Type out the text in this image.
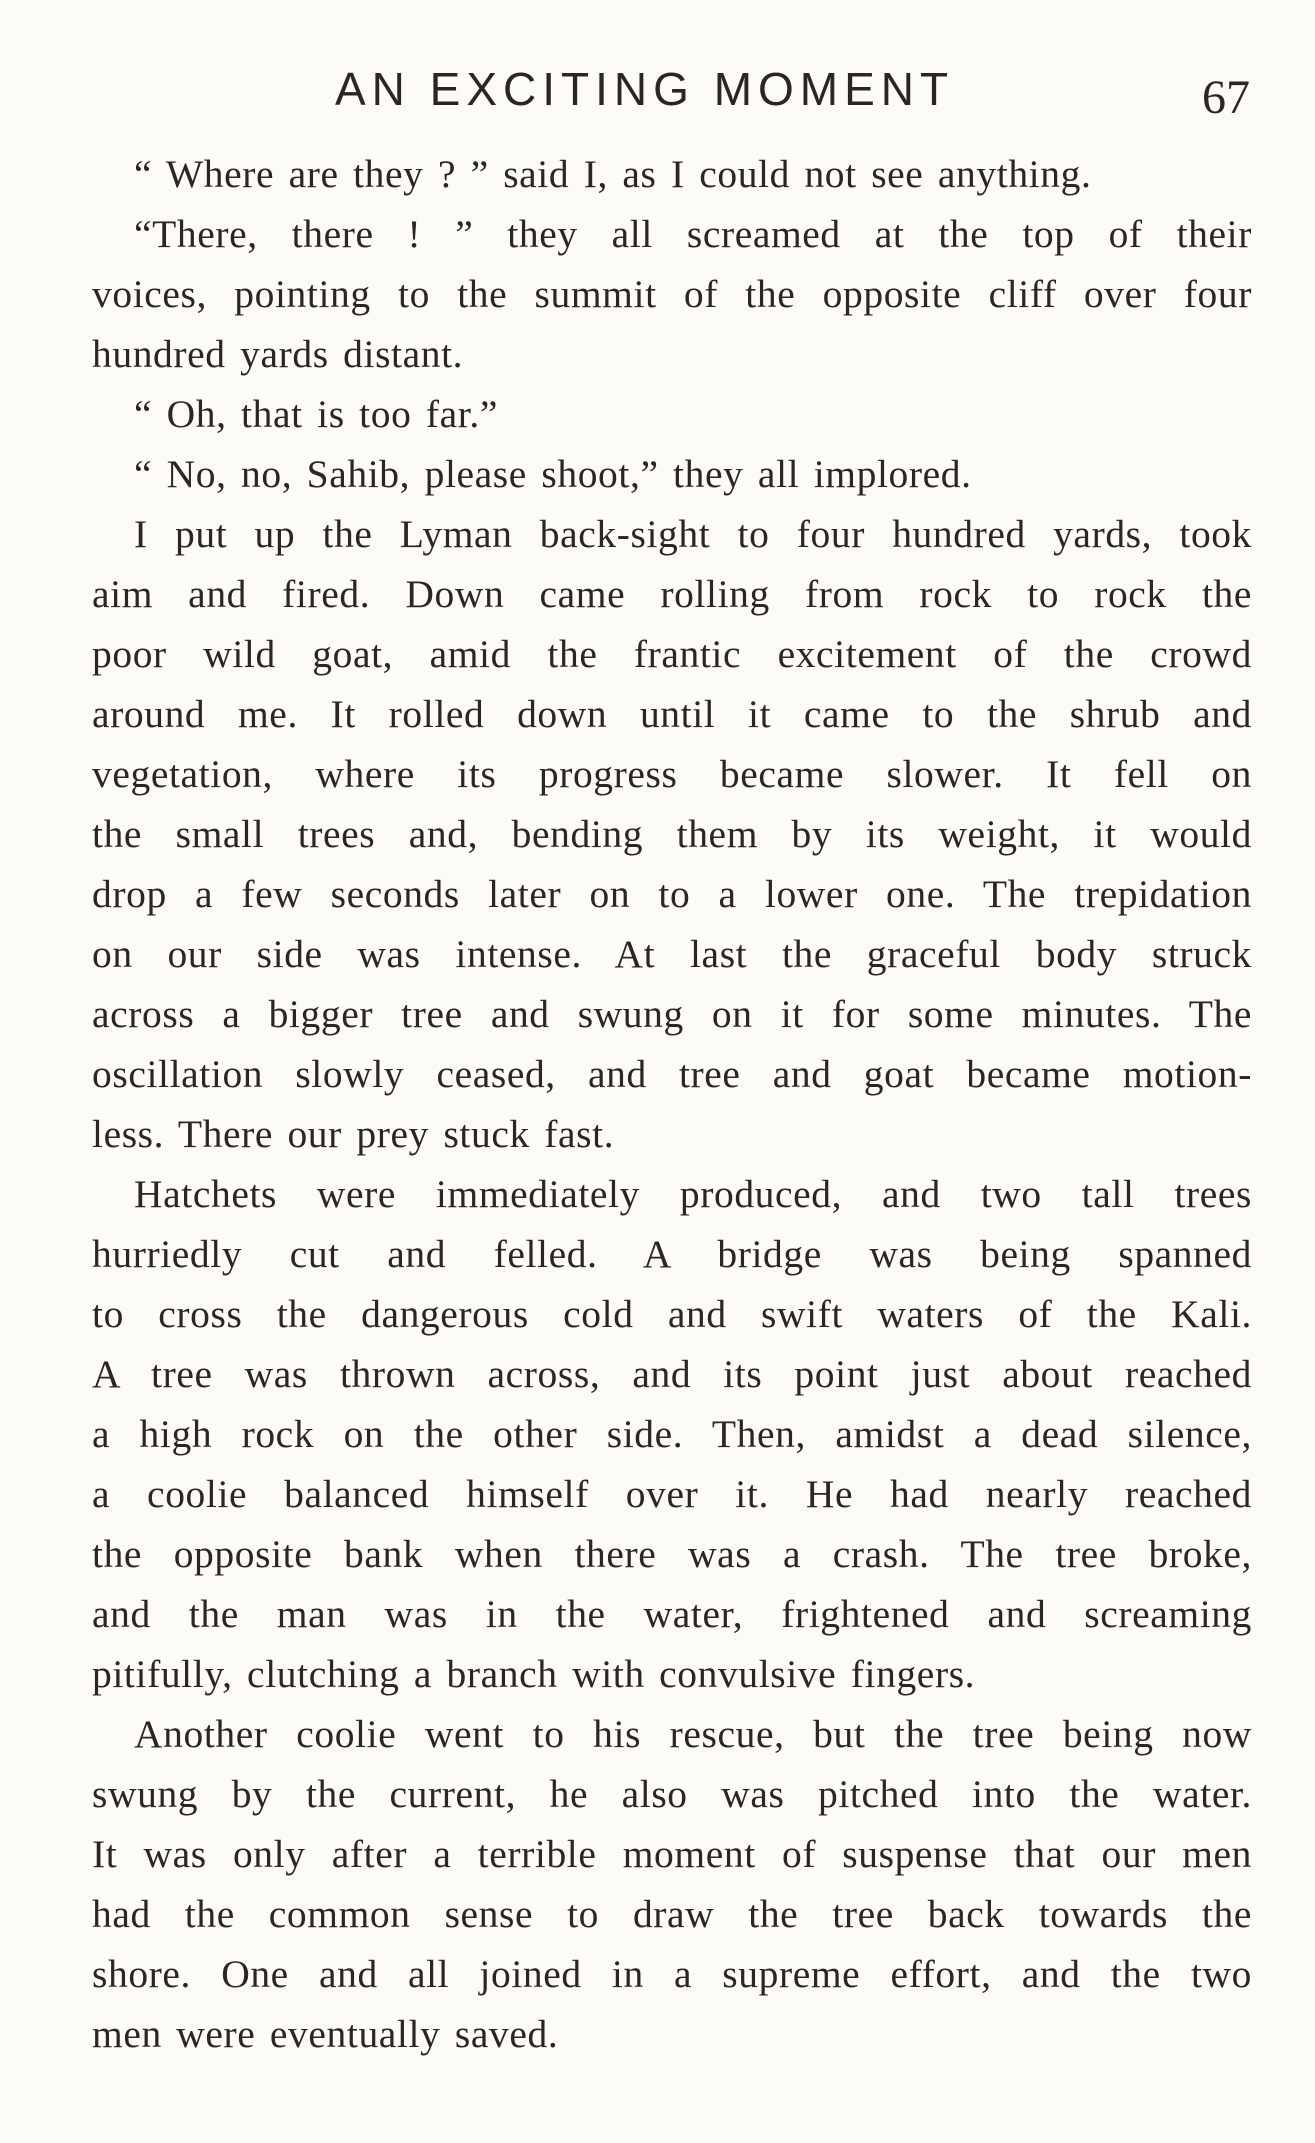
AN EXCITING MOMENT	67
“ Where are they ? ” said I, as I could not see anything.
“There, there ! ” they all screamed at the top of their
voices, pointing to the summit of the opposite cliff over four
hundred yards distant.
“ Oh, that is too far.”
“ No, no, Sahib, please shoot,” they all implored.
I put up the Lyman back-sight to four hundred yards, took
aim and fired. Down came rolling from rock to rock the
poor wild goat, amid the frantic excitement of the crowd
around me. It rolled down until it came to the shrub and
vegetation, where its progress became slower. It fell on
the small trees and, bending them by its weight, it would
drop a few seconds later on to a lower one. The trepidation
on our side was intense. At last the graceful body struck
across a bigger tree and swung on it for some minutes. The
oscillation slowly ceased, and tree and goat became motion-
less. There our prey stuck fast.
Hatchets were immediately produced, and two tall trees
hurriedly cut and felled. A bridge was being spanned
to cross the dangerous cold and swift waters of the Kali.
A tree was thrown across, and its point just about reached
a high rock on the other side. Then, amidst a dead silence,
a coolie balanced himself over it. He had nearly reached
the opposite bank when there was a crash. The tree broke,
and the man was in the water, frightened and screaming
pitifully, clutching a branch with convulsive fingers.
Another coolie went to his rescue, but the tree being now
swung by the current, he also was pitched into the water.
It was only after a terrible moment of suspense that our men
had the common sense to draw the tree back towards the
shore. One and all joined in a supreme effort, and the two
men were eventually saved.
